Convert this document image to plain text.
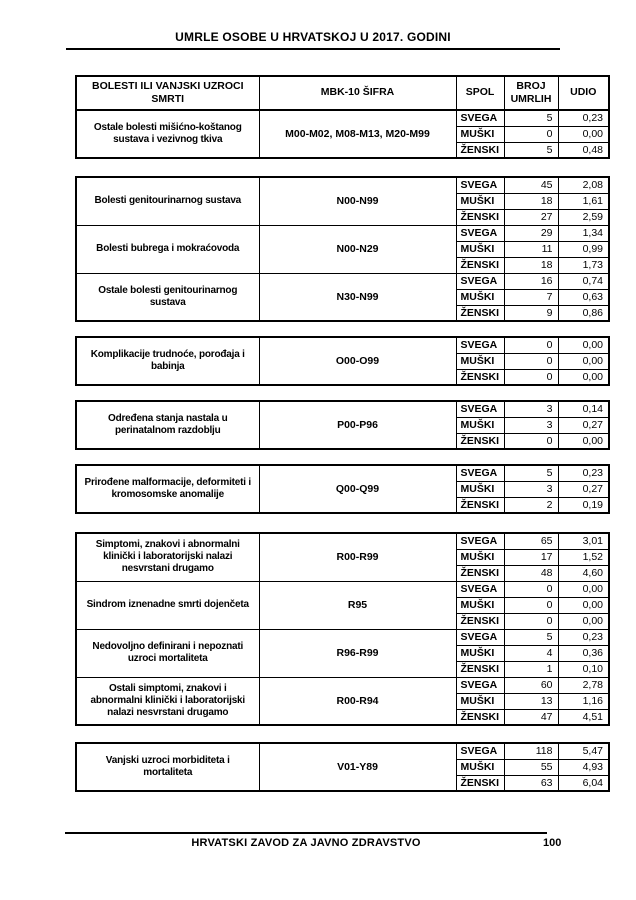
UMRLE OSOBE U HRVATSKOJ U 2017. GODINI
BOLESTI ILI VANJSKI UZROCI SMRTI	MBK-10 ŠIFRA	SPOL	BROJ UMRLIH	UDIO
Ostale bolesti mišićno-koštanog sustava i vezivnog tkiva	M00-M02, M08-M13, M20-M99	SVEGA	5	0,23
		MUŠKI	0	0,00
		ŽENSKI	5	0,48
Bolesti genitourinarnog sustava	N00-N99	SVEGA	45	2,08
		MUŠKI	18	1,61
		ŽENSKI	27	2,59
Bolesti bubrega i mokraćovoda	N00-N29	SVEGA	29	1,34
		MUŠKI	11	0,99
		ŽENSKI	18	1,73
Ostale bolesti genitourinarnog sustava	N30-N99	SVEGA	16	0,74
		MUŠKI	7	0,63
		ŽENSKI	9	0,86
Komplikacije trudnoće, porođaja i babinja	O00-O99	SVEGA	0	0,00
		MUŠKI	0	0,00
		ŽENSKI	0	0,00
Određena stanja nastala u perinatalnom razdoblju	P00-P96	SVEGA	3	0,14
		MUŠKI	3	0,27
		ŽENSKI	0	0,00
Prirođene malformacije, deformiteti i kromosomske anomalije	Q00-Q99	SVEGA	5	0,23
		MUŠKI	3	0,27
		ŽENSKI	2	0,19
Simptomi, znakovi i abnormalni klinički i laboratorijski nalazi nesvrstani drugamo	R00-R99	SVEGA	65	3,01
		MUŠKI	17	1,52
		ŽENSKI	48	4,60
Sindrom iznenadne smrti dojenčeta	R95	SVEGA	0	0,00
		MUŠKI	0	0,00
		ŽENSKI	0	0,00
Nedovoljno definirani i nepoznati uzroci mortaliteta	R96-R99	SVEGA	5	0,23
		MUŠKI	4	0,36
		ŽENSKI	1	0,10
Ostali simptomi, znakovi i abnormalni klinički i laboratorijski nalazi nesvrstani drugamo	R00-R94	SVEGA	60	2,78
		MUŠKI	13	1,16
		ŽENSKI	47	4,51
Vanjski uzroci morbiditeta i mortaliteta	V01-Y89	SVEGA	118	5,47
		MUŠKI	55	4,93
		ŽENSKI	63	6,04
HRVATSKI ZAVOD ZA JAVNO ZDRAVSTVO	100
